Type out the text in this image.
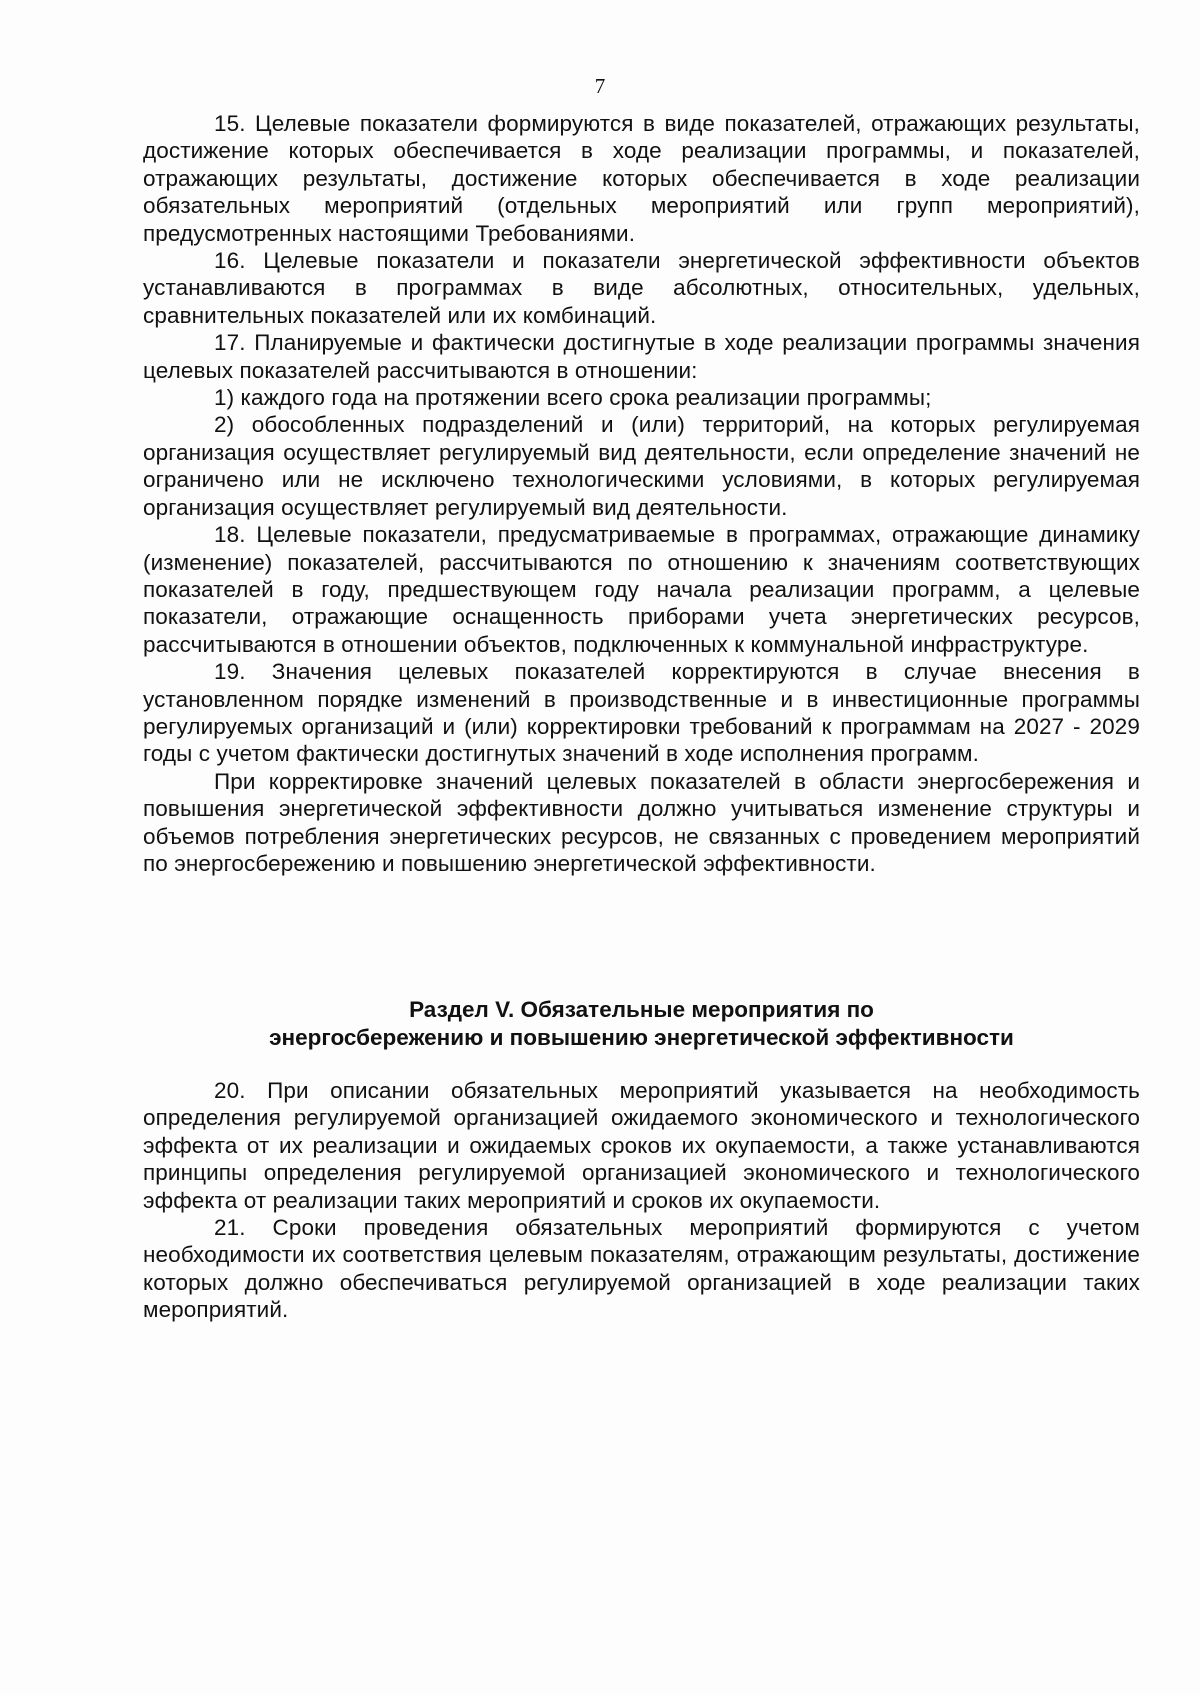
7

15. Целевые показатели формируются в виде показателей, отражающих результаты, достижение которых обеспечивается в ходе реализации программы, и показателей, отражающих результаты, достижение которых обеспечивается в ходе реализации обязательных мероприятий (отдельных мероприятий или групп мероприятий), предусмотренных настоящими Требованиями.

16. Целевые показатели и показатели энергетической эффективности объектов устанавливаются в программах в виде абсолютных, относительных, удельных, сравнительных показателей или их комбинаций.

17. Планируемые и фактически достигнутые в ходе реализации программы значения целевых показателей рассчитываются в отношении:

1) каждого года на протяжении всего срока реализации программы;

2) обособленных подразделений и (или) территорий, на которых регулируемая организация осуществляет регулируемый вид деятельности, если определение значений не ограничено или не исключено технологическими условиями, в которых регулируемая организация осуществляет регулируемый вид деятельности.

18. Целевые показатели, предусматриваемые в программах, отражающие динамику (изменение) показателей, рассчитываются по отношению к значениям соответствующих показателей в году, предшествующем году начала реализации программ, а целевые показатели, отражающие оснащенность приборами учета энергетических ресурсов, рассчитываются в отношении объектов, подключенных к коммунальной инфраструктуре.

19. Значения целевых показателей корректируются в случае внесения в установленном порядке изменений в производственные и в инвестиционные программы регулируемых организаций и (или) корректировки требований к программам на 2027 - 2029 годы с учетом фактически достигнутых значений в ходе исполнения программ.

При корректировке значений целевых показателей в области энергосбережения и повышения энергетической эффективности должно учитываться изменение структуры и объемов потребления энергетических ресурсов, не связанных с проведением мероприятий по энергосбережению и повышению энергетической эффективности.

Раздел V. Обязательные мероприятия по
энергосбережению и повышению энергетической эффективности

20. При описании обязательных мероприятий указывается на необходимость определения регулируемой организацией ожидаемого экономического и технологического эффекта от их реализации и ожидаемых сроков их окупаемости, а также устанавливаются принципы определения регулируемой организацией экономического и технологического эффекта от реализации таких мероприятий и сроков их окупаемости.

21. Сроки проведения обязательных мероприятий формируются с учетом необходимости их соответствия целевым показателям, отражающим результаты, достижение которых должно обеспечиваться регулируемой организацией в ходе реализации таких мероприятий.
